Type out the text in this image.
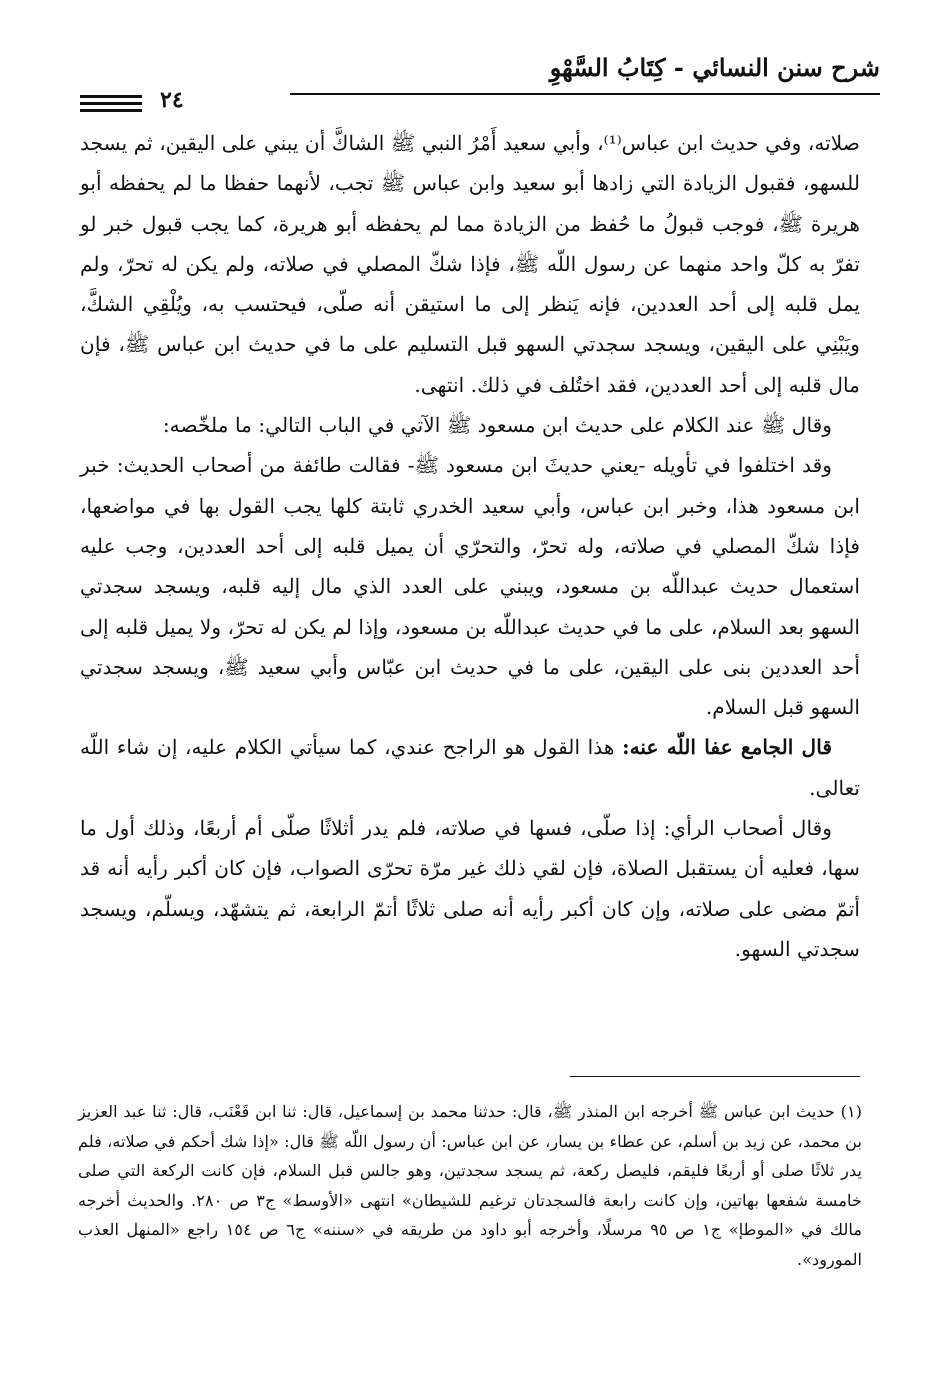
شرح سنن النسائي - كِتَابُ السَّهْوِ
٢٤

صلاته، وفي حديث ابن عباس⁽¹⁾، وأبي سعيد أَمْرُ النبي ﷺ الشاكَّ أن يبني على اليقين، ثم يسجد للسهو، فقبول الزيادة التي زادها أبو سعيد وابن عباس ﷺ تجب، لأنهما حفظا ما لم يحفظه أبو هريرة ﷺ، فوجب قبولُ ما حُفظ من الزيادة مما لم يحفظه أبو هريرة، كما يجب قبول خبر لو تفرّ به كلّ واحد منهما عن رسول اللّه ﷺ، فإذا شكّ المصلي في صلاته، ولم يكن له تحرّ، ولم يمل قلبه إلى أحد العددين، فإنه يَنظر إلى ما استيقن أنه صلّى، فيحتسب به، ويُلْقِي الشكَّ، ويَبْنِي على اليقين، ويسجد سجدتي السهو قبل التسليم على ما في حديث ابن عباس ﷺ، فإن مال قلبه إلى أحد العددين، فقد اختُلف في ذلك. انتهى.

وقال ﷺ عند الكلام على حديث ابن مسعود ﷺ الآتي في الباب التالي: ما ملخّصه:

وقد اختلفوا في تأويله -يعني حديثَ ابن مسعود ﷺ- فقالت طائفة من أصحاب الحديث: خبر ابن مسعود هذا، وخبر ابن عباس، وأبي سعيد الخدري ثابتة كلها يجب القول بها في مواضعها، فإذا شكّ المصلي في صلاته، وله تحرّ، والتحرّي أن يميل قلبه إلى أحد العددين، وجب عليه استعمال حديث عبداللّه بن مسعود، ويبني على العدد الذي مال إليه قلبه، ويسجد سجدتي السهو بعد السلام، على ما في حديث عبداللّه بن مسعود، وإذا لم يكن له تحرّ، ولا يميل قلبه إلى أحد العددين بنى على اليقين، على ما في حديث ابن عبّاس وأبي سعيد ﷺ، ويسجد سجدتي السهو قبل السلام.

قال الجامع عفا اللّه عنه: هذا القول هو الراجح عندي، كما سيأتي الكلام عليه، إن شاء اللّه تعالى.

وقال أصحاب الرأي: إذا صلّى، فسها في صلاته، فلم يدر أثلاثًا صلّى أم أربعًا، وذلك أول ما سها، فعليه أن يستقبل الصلاة، فإن لقي ذلك غير مرّة تحرّى الصواب، فإن كان أكبر رأيه أنه قد أتمّ مضى على صلاته، وإن كان أكبر رأيه أنه صلى ثلاثًا أتمّ الرابعة، ثم يتشهّد، ويسلّم، ويسجد سجدتي السهو.

(١) حديث ابن عباس ﷺ أخرجه ابن المنذر ﷺ، قال: حدثنا محمد بن إسماعيل، قال: ثنا ابن قَعْنَب، قال: ثنا عبد العزيز بن محمد، عن زيد بن أسلم، عن عطاء بن يسار، عن ابن عباس: أن رسول اللّه ﷺ قال: «إذا شك أحكم في صلاته، فلم يدر ثلاثًا صلى أو أربعًا فليقم، فليصل ركعة، ثم يسجد سجدتين، وهو جالس قبل السلام، فإن كانت الركعة التي صلى خامسة شفعها بهاتين، وإن كانت رابعة فالسجدتان ترغيم للشيطان» انتهى «الأوسط» ج٣ ص ٢٨٠. والحديث أخرجه مالك في «الموطإ» ج١ ص ٩٥ مرسلًا، وأخرجه أبو داود من طريقه في «سننه» ج٦ ص ١٥٤ راجع «المنهل العذب المورود».
